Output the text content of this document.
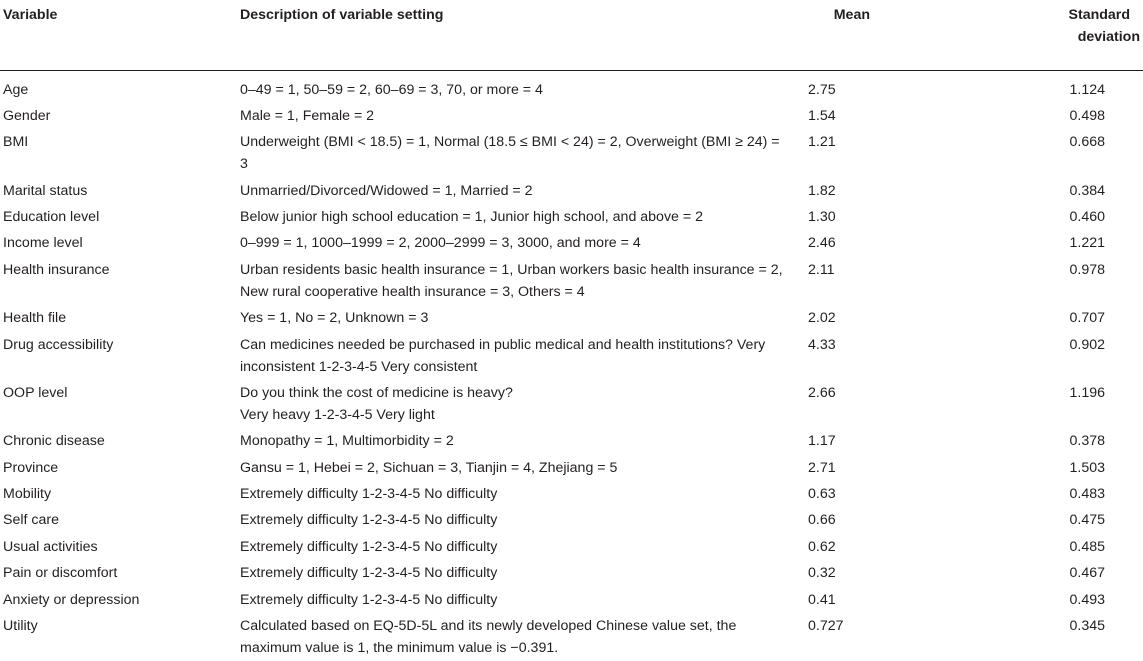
Variable	Description of variable setting	Mean	Standard
deviation

Age	0–49 = 1, 50–59 = 2, 60–69 = 3, 70, or more = 4	2.75	1.124
Gender	Male = 1, Female = 2	1.54	0.498
BMI	Underweight (BMI < 18.5) = 1, Normal (18.5 ≤ BMI < 24) = 2, Overweight (BMI ≥ 24) = 3	1.21	0.668
Marital status	Unmarried/Divorced/Widowed = 1, Married = 2	1.82	0.384
Education level	Below junior high school education = 1, Junior high school, and above = 2	1.30	0.460
Income level	0–999 = 1, 1000–1999 = 2, 2000–2999 = 3, 3000, and more = 4	2.46	1.221
Health insurance	Urban residents basic health insurance = 1, Urban workers basic health insurance = 2, New rural cooperative health insurance = 3, Others = 4	2.11	0.978
Health file	Yes = 1, No = 2, Unknown = 3	2.02	0.707
Drug accessibility	Can medicines needed be purchased in public medical and health institutions? Very inconsistent 1-2-3-4-5 Very consistent	4.33	0.902
OOP level	Do you think the cost of medicine is heavy?
Very heavy 1-2-3-4-5 Very light	2.66	1.196
Chronic disease	Monopathy = 1, Multimorbidity = 2	1.17	0.378
Province	Gansu = 1, Hebei = 2, Sichuan = 3, Tianjin = 4, Zhejiang = 5	2.71	1.503
Mobility	Extremely difficulty 1-2-3-4-5 No difficulty	0.63	0.483
Self care	Extremely difficulty 1-2-3-4-5 No difficulty	0.66	0.475
Usual activities	Extremely difficulty 1-2-3-4-5 No difficulty	0.62	0.485
Pain or discomfort	Extremely difficulty 1-2-3-4-5 No difficulty	0.32	0.467
Anxiety or depression	Extremely difficulty 1-2-3-4-5 No difficulty	0.41	0.493
Utility	Calculated based on EQ-5D-5L and its newly developed Chinese value set, the maximum value is 1, the minimum value is −0.391.	0.727	0.345
